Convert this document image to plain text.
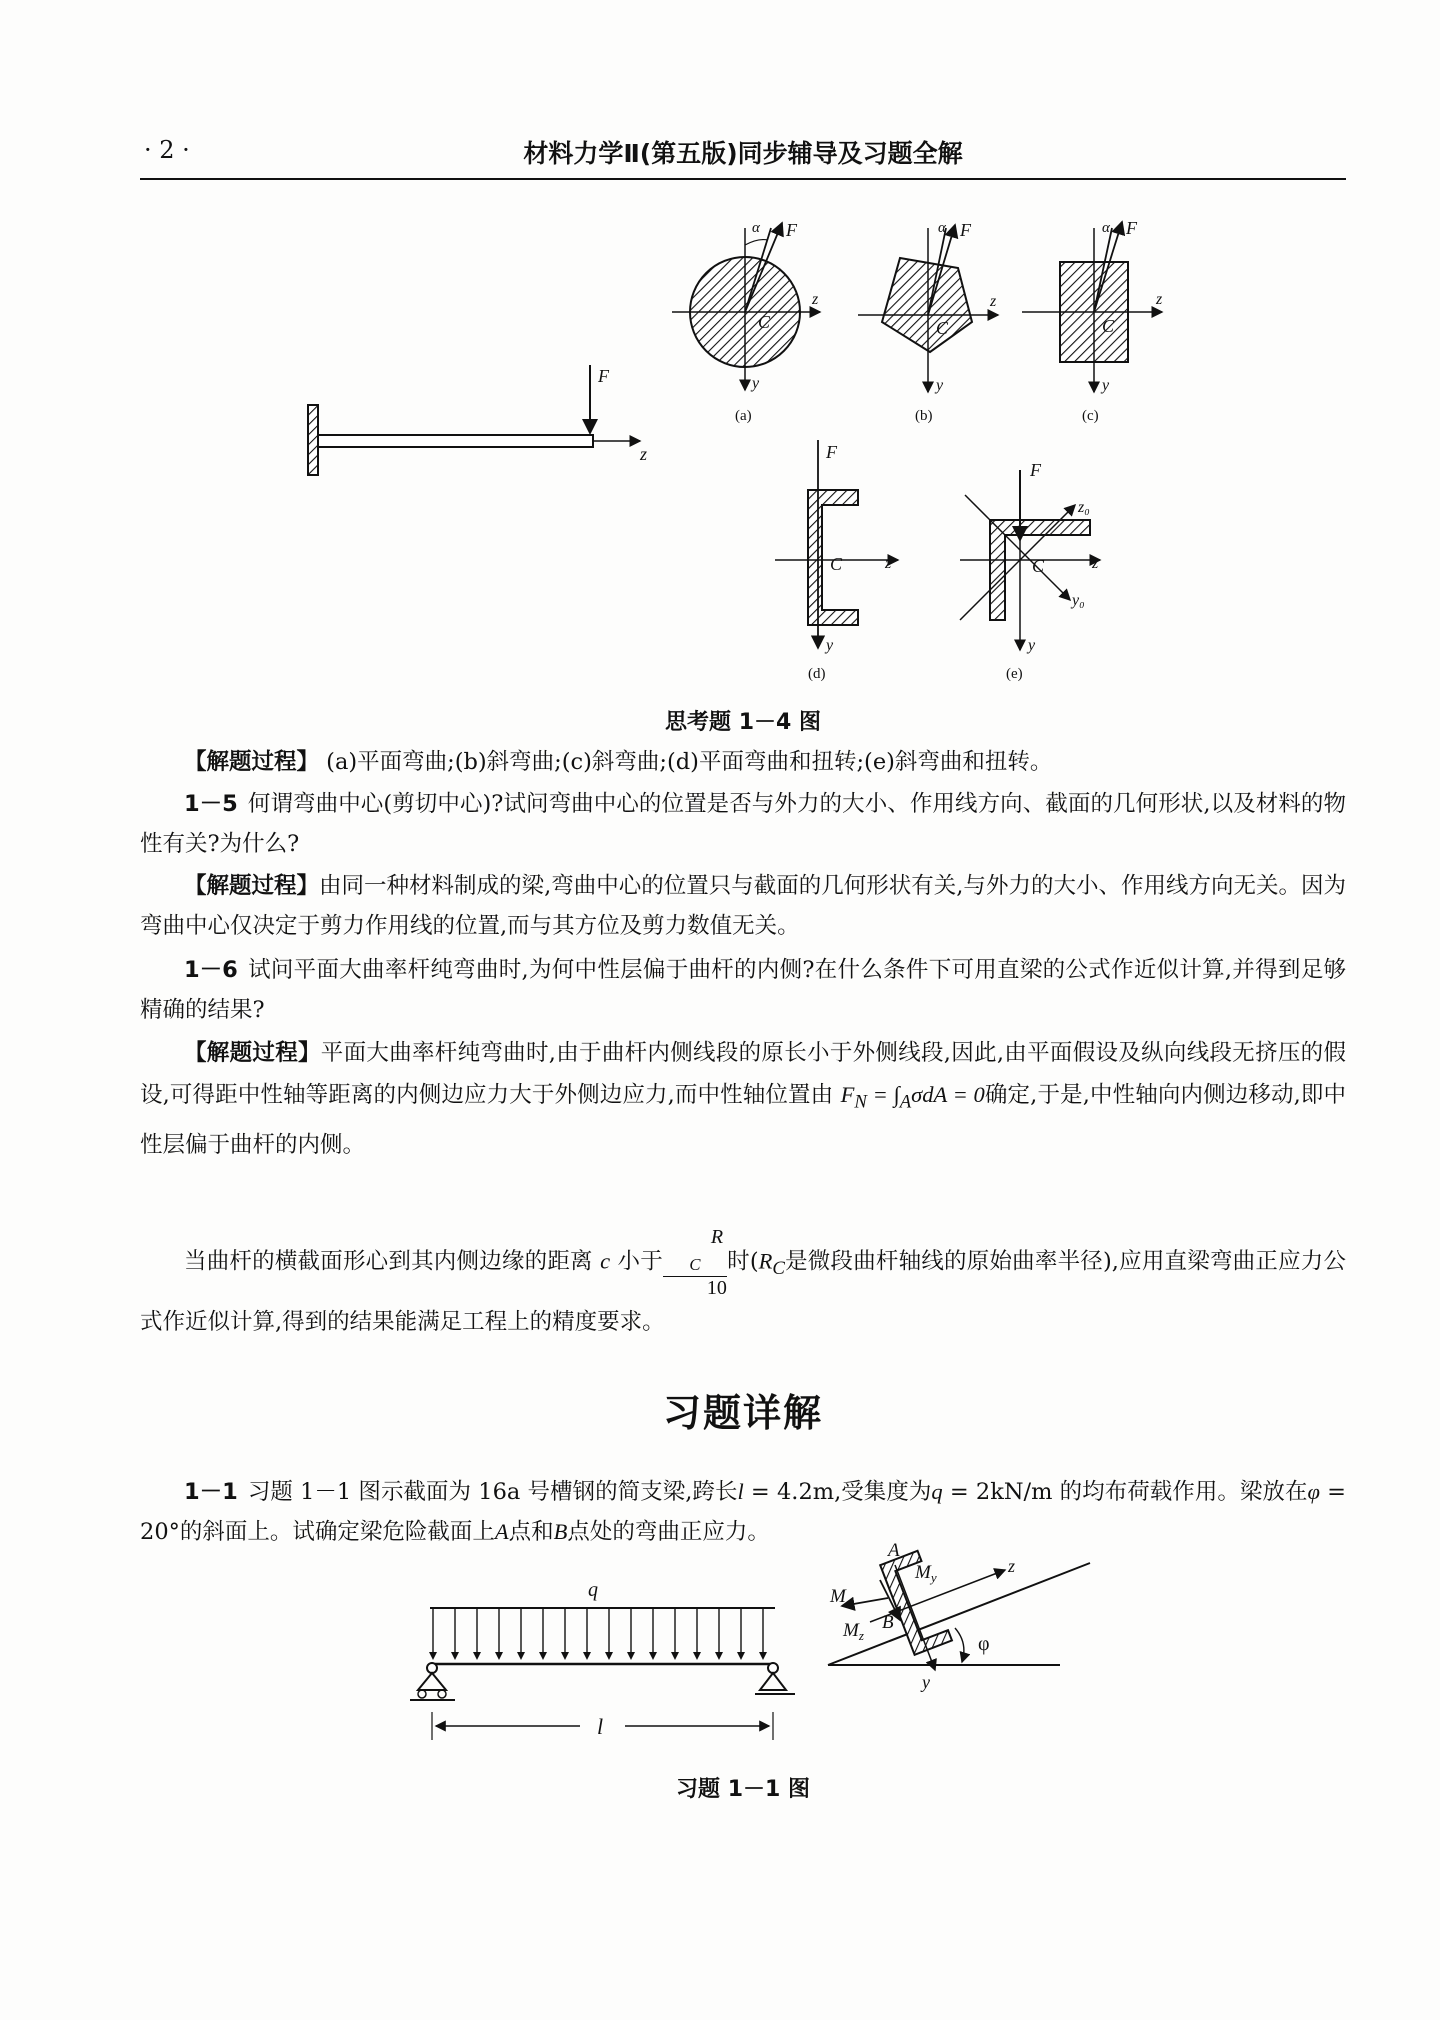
· 2 ·	材料力学Ⅱ(第五版)同步辅导及习题全解
z
F
α F
C
z
y
(a)
α F
C
z
y
(b)
α F
C
z
y
(c)
F
C	z
y
(d)
F
C	z
z₀
y₀
y
(e)
思考题 1－4 图

【解题过程】 (a)平面弯曲;(b)斜弯曲;(c)斜弯曲;(d)平面弯曲和扭转;(e)斜弯曲和扭转。

1－5 何谓弯曲中心(剪切中心)?试问弯曲中心的位置是否与外力的大小、作用线方向、截面的几何形状,以及材料的物性有关?为什么?

【解题过程】由同一种材料制成的梁,弯曲中心的位置只与截面的几何形状有关,与外力的大小、作用线方向无关。因为弯曲中心仅决定于剪力作用线的位置,而与其方位及剪力数值无关。

1－6 试问平面大曲率杆纯弯曲时,为何中性层偏于曲杆的内侧?在什么条件下可用直梁的公式作近似计算,并得到足够精确的结果?

【解题过程】平面大曲率杆纯弯曲时,由于曲杆内侧线段的原长小于外侧线段,因此,由平面假设及纵向线段无挤压的假设,可得距中性轴等距离的内侧边应力大于外侧边应力,而中性轴位置由 $F_N = \int_A\sigma dA = 0$确定,于是,中性轴向内侧边移动,即中性层偏于曲杆的内侧。

当曲杆的横截面形心到其内侧边缘的距离 c 小于 R
$_C$
10 时($R_C$是微段曲杆轴线的原始曲率半径),应用直梁弯曲正应力公式作近似计算,得到的结果能满足工程上的精度要求。

习题详解

1－1 习题 1－1 图示截面为 16a 号槽钢的简支梁,跨长l = 4.2m,受集度为q = 2kN/m 的均布荷载作用。梁放在φ = 20°的斜面上。试确定梁危险截面上A点和B点处的弯曲正应力。

q
l
A
$M_y$
M
$M_z$
B
z
y
φ
习题 1－1 图
